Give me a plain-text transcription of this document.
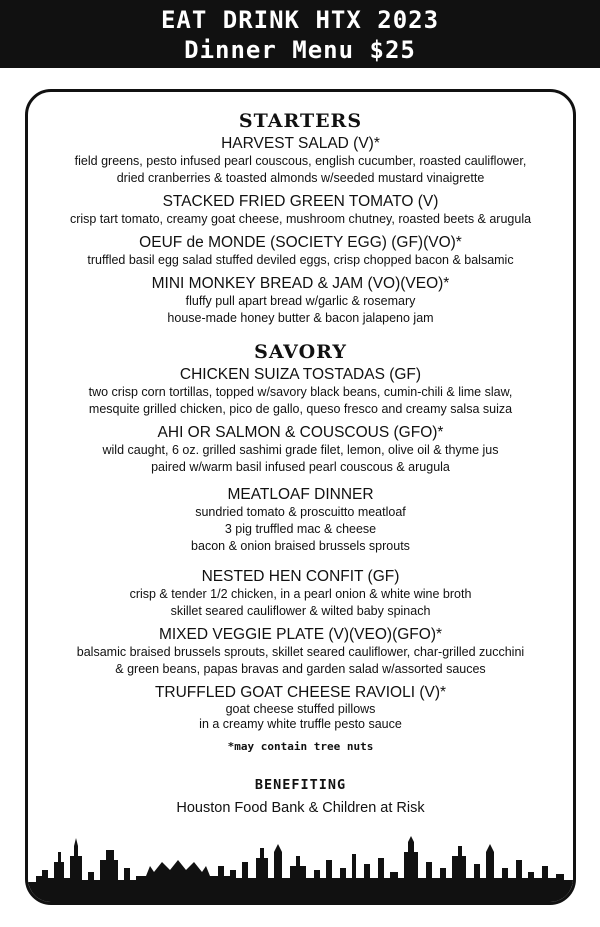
EAT DRINK HTX 2023
Dinner Menu $25
STARTERS
HARVEST SALAD (V)*
field greens, pesto infused pearl couscous, english cucumber, roasted cauliflower,
dried cranberries & toasted almonds w/seeded mustard vinaigrette
STACKED FRIED GREEN TOMATO (V)
crisp tart tomato, creamy goat cheese, mushroom chutney, roasted beets & arugula
OEUF de MONDE (SOCIETY EGG) (GF)(VO)*
truffled basil egg salad stuffed deviled eggs, crisp chopped bacon & balsamic
MINI MONKEY BREAD & JAM (VO)(VEO)*
fluffy pull apart bread w/garlic & rosemary
house-made honey butter & bacon jalapeno jam
SAVORY
CHICKEN SUIZA TOSTADAS (GF)
two crisp corn tortillas, topped w/savory black beans, cumin-chili & lime slaw,
mesquite grilled chicken, pico de gallo, queso fresco and creamy salsa suiza
AHI OR SALMON & COUSCOUS (GFO)*
wild caught, 6 oz. grilled sashimi grade filet, lemon, olive oil & thyme jus
paired w/warm basil infused pearl couscous & arugula
MEATLOAF DINNER
sundried tomato & proscuitto meatloaf
3 pig truffled mac & cheese
bacon & onion braised brussels sprouts
NESTED HEN CONFIT (GF)
crisp & tender 1/2 chicken, in a pearl onion & white wine broth
skillet seared cauliflower & wilted baby spinach
MIXED VEGGIE PLATE (V)(VEO)(GFO)*
balsamic braised brussels sprouts, skillet seared cauliflower, char-grilled zucchini
& green beans, papas bravas and garden salad w/assorted sauces
TRUFFLED GOAT CHEESE RAVIOLI (V)*
goat cheese stuffed pillows
in a creamy white truffle pesto sauce
*may contain tree nuts
BENEFITING
Houston Food Bank & Children at Risk
